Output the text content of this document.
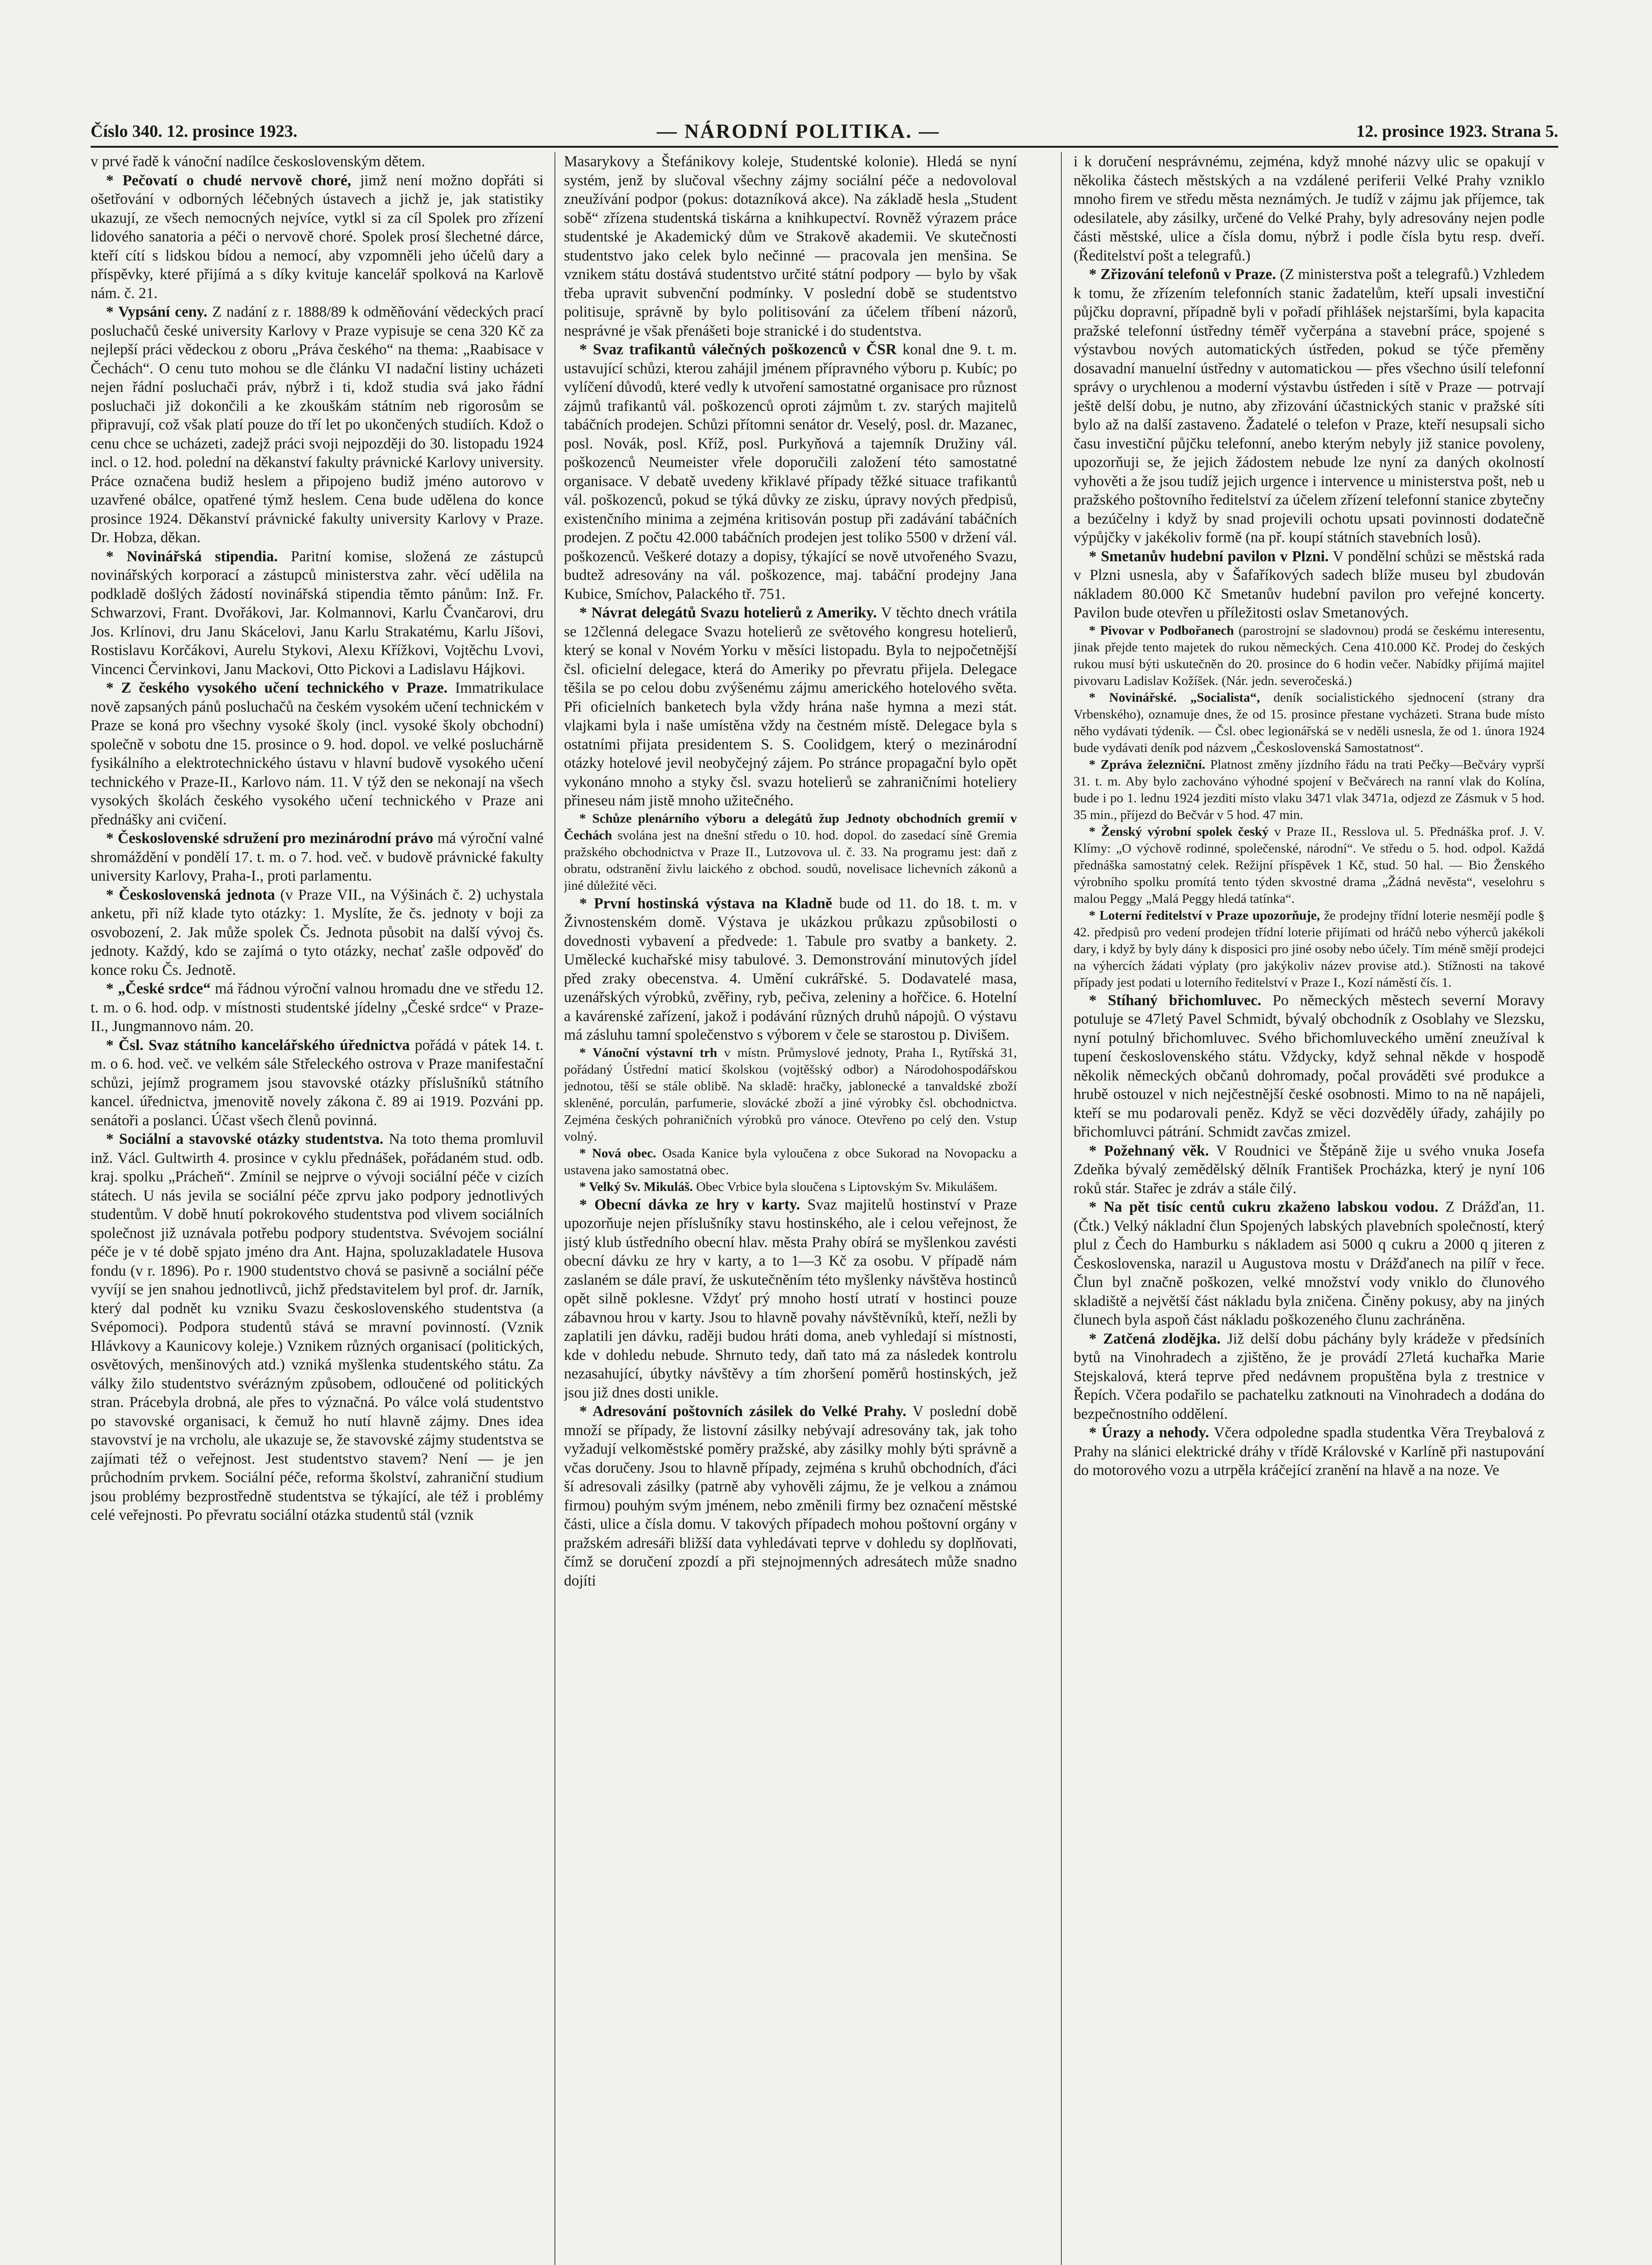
Číslo 340. 12. prosince 1923.	— NÁRODNÍ POLITIKA. —	12. prosince 1923. Strana 5.

v prvé řadě k vánoční nadílce československým dětem.

* Pečovatí o chudé nervově choré, jimž není možno dopřáti si ošetřování v odborných léčebných ústavech a jichž je, jak statistiky ukazují, ze všech nemocných nejvíce, vytkl si za cíl Spolek pro zřízení lidového sanatoria a péči o nervově choré. Spolek prosí šlechetné dárce, kteří cítí s lidskou bídou a nemocí, aby vzpomněli jeho účelů dary a příspěvky, které přijímá a s díky kvituje kancelář spolková na Karlově nám. č. 21.

* Vypsání ceny. Z nadání z r. 1888/89 k odměňování vědeckých prací posluchačů české university Karlovy v Praze vypisuje se cena 320 Kč za nejlepší práci vědeckou z oboru „Práva českého“ na thema: „Raabisace v Čechách“. O cenu tuto mohou se dle článku VI nadační listiny ucházeti nejen řádní posluchači práv, nýbrž i ti, kdož studia svá jako řádní posluchači již dokončili a ke zkouškám státním neb rigorosům se připravují, což však platí pouze do tří let po ukončených studiích. Kdož o cenu chce se ucházeti, zadejž práci svoji nejpozději do 30. listopadu 1924 incl. o 12. hod. polední na děkanství fakulty právnické Karlovy university. Práce označena budiž heslem a připojeno budiž jméno autorovo v uzavřené obálce, opatřené týmž heslem. Cena bude udělena do konce prosince 1924. Děkanství právnické fakulty university Karlovy v Praze. Dr. Hobza, děkan.

* Novinářská stipendia. Paritní komise, složená ze zástupců novinářských korporací a zástupců ministerstva zahr. věcí udělila na podkladě došlých žádostí novinářská stipendia těmto pánům: Inž. Fr. Schwarzovi, Frant. Dvořákovi, Jar. Kolmannovi, Karlu Čvančarovi, dru Jos. Krlínovi, dru Janu Skácelovi, Janu Karlu Strakatému, Karlu Jíšovi, Rostislavu Korčákovi, Aurelu Stykovi, Alexu Křížkovi, Vojtěchu Lvovi, Vincenci Červinkovi, Janu Mackovi, Otto Pickovi a Ladislavu Hájkovi.

* Z českého vysokého učení technického v Praze. Immatrikulace nově zapsaných pánů posluchačů na českém vysokém učení technickém v Praze se koná pro všechny vysoké školy (incl. vysoké školy obchodní) společně v sobotu dne 15. prosince o 9. hod. dopol. ve velké posluchárně fysikálního a elektrotechnického ústavu v hlavní budově vysokého učení technického v Praze-II., Karlovo nám. 11. V týž den se nekonají na všech vysokých školách českého vysokého učení technického v Praze ani přednášky ani cvičení.

* Československé sdružení pro mezinárodní právo má výroční valné shromáždění v pondělí 17. t. m. o 7. hod. več. v budově právnické fakulty university Karlovy, Praha-I., proti parlamentu.

* Československá jednota (v Praze VII., na Výšinách č. 2) uchystala anketu, při níž klade tyto otázky: 1. Myslíte, že čs. jednoty v boji za osvobození, 2. Jak může spolek Čs. Jednota působit na další vývoj čs. jednoty. Každý, kdo se zajímá o tyto otázky, nechať zašle odpověď do konce roku Čs. Jednotě.

* „České srdce“ má řádnou výroční valnou hromadu dne ve středu 12. t. m. o 6. hod. odp. v místnosti studentské jídelny „České srdce“ v Praze-II., Jungmannovo nám. 20.

* Čsl. Svaz státního kancelářského úřednictva pořádá v pátek 14. t. m. o 6. hod. več. ve velkém sále Střeleckého ostrova v Praze manifestační schůzi, jejímž programem jsou stavovské otázky příslušníků státního kancel. úřednictva, jmenovitě novely zákona č. 89 ai 1919. Pozváni pp. senátoři a poslanci. Účast všech členů povinná.

* Sociální a stavovské otázky studentstva. Na toto thema promluvil inž. Václ. Gultwirth 4. prosince v cyklu přednášek, pořádaném stud. odb. kraj. spolku „Prácheň“. Zmínil se nejprve o vývoji sociální péče v cizích státech. U nás jevila se sociální péče zprvu jako podpory jednotlivých studentům. V době hnutí pokrokového studentstva pod vlivem sociálních společnost již uznávala potřebu podpory studentstva. Svévojem sociální péče je v té době spjato jméno dra Ant. Hajna, spoluzakladatele Husova fondu (v r. 1896). Po r. 1900 studentstvo chová se pasivně a sociální péče vyvíjí se jen snahou jednotlivců, jichž představitelem byl prof. dr. Jarník, který dal podnět ku vzniku Svazu československého studentstva (a Svépomoci). Podpora studentů stává se mravní povinností. (Vznik Hlávkovy a Kaunicovy koleje.) Vznikem různých organisací (politických, osvětových, menšinových atd.) vzniká myšlenka studentského státu. Za války žilo studentstvo svérázným způsobem, odloučené od politických stran. Prácebyla drobná, ale přes to význačná. Po válce volá studentstvo po stavovské organisaci, k čemuž ho nutí hlavně zájmy. Dnes idea stavovství je na vrcholu, ale ukazuje se, že stavovské zájmy studentstva se zajímati též o veřejnost. Jest studentstvo stavem? Není — je jen průchodním prvkem. Sociální péče, reforma školství, zahraniční studium jsou problémy bezprostředně studentstva se týkající, ale též i problémy celé veřejnosti. Po převratu sociální otázka studentů stál (vznik

Masarykovy a Štefánikovy koleje, Studentské kolonie). Hledá se nyní systém, jenž by slučoval všechny zájmy sociální péče a nedovoloval zneužívání podpor (pokus: dotazníková akce). Na základě hesla „Student sobě“ zřízena studentská tiskárna a knihkupectví. Rovněž výrazem práce studentské je Akademický dům ve Strakově akademii. Ve skutečnosti studentstvo jako celek bylo nečinné — pracovala jen menšina. Se vznikem státu dostává studentstvo určité státní podpory — bylo by však třeba upravit subvenční podmínky. V poslední době se studentstvo politisuje, správně by bylo politisování za účelem tříbení názorů, nesprávné je však přenášeti boje stranické i do studentstva.

* Svaz trafikantů válečných poškozenců v ČSR konal dne 9. t. m. ustavující schůzi, kterou zahájil jménem přípravného výboru p. Kubíc; po vylíčení důvodů, které vedly k utvoření samostatné organisace pro různost zájmů trafikantů vál. poškozenců oproti zájmům t. zv. starých majitelů tabáčních prodejen. Schůzi přítomni senátor dr. Veselý, posl. dr. Mazanec, posl. Novák, posl. Kříž, posl. Purkyňová a tajemník Družiny vál. poškozenců Neumeister vřele doporučili založení této samostatné organisace. V debatě uvedeny křiklavé případy těžké situace trafikantů vál. poškozenců, pokud se týká důvky ze zisku, úpravy nových předpisů, existenčního minima a zejména kritisován postup při zadávání tabáčních prodejen. Z počtu 42.000 tabáčních prodejen jest toliko 5500 v držení vál. poškozenců. Veškeré dotazy a dopisy, týkající se nově utvořeného Svazu, budtež adresovány na vál. poškozence, maj. tabáční prodejny Jana Kubice, Smíchov, Palackého tř. 751.

* Návrat delegátů Svazu hotelierů z Ameriky. V těchto dnech vrátila se 12členná delegace Svazu hotelierů ze světového kongresu hotelierů, který se konal v Novém Yorku v měsíci listopadu. Byla to nejpočetnější čsl. oficielní delegace, která do Ameriky po převratu přijela. Delegace těšila se po celou dobu zvýšenému zájmu amerického hotelového světa. Při oficielních banketech byla vždy hrána naše hymna a mezi stát. vlajkami byla i naše umístěna vždy na čestném místě. Delegace byla s ostatními přijata presidentem S. S. Coolidgem, který o mezinárodní otázky hotelové jevil neobyčejný zájem. Po stránce propagační bylo opět vykonáno mnoho a styky čsl. svazu hotelierů se zahraničními hoteliery přineseu nám jistě mnoho užitečného.

* Schůze plenárního výboru a delegátů žup Jednoty obchodních gremií v Čechách svolána jest na dnešní středu o 10. hod. dopol. do zasedací síně Gremia pražského obchodnictva v Praze II., Lutzovova ul. č. 33. Na programu jest: daň z obratu, odstranění živlu laického z obchod. soudů, novelisace lichevních zákonů a jiné důležité věci.

* První hostinská výstava na Kladně bude od 11. do 18. t. m. v Živnostenském domě. Výstava je ukázkou průkazu způsobilosti o dovednosti vybavení a předvede: 1. Tabule pro svatby a bankety. 2. Umělecké kuchařské misy tabulové. 3. Demonstrování minutových jídel před zraky obecenstva. 4. Umění cukrářské. 5. Dodavatelé masa, uzenářských výrobků, zvěřiny, ryb, pečiva, zeleniny a hořčice. 6. Hotelní a kavárenské zařízení, jakož i podávání různých druhů nápojů. O výstavu má zásluhu tamní společenstvo s výborem v čele se starostou p. Divišem.

* Vánoční výstavní trh v místn. Průmyslové jednoty, Praha I., Rytířská 31, pořádaný Ústřední maticí školskou (vojtěšský odbor) a Národohospodářskou jednotou, těší se stále oblibě. Na skladě: hračky, jablonecké a tanvaldské zboží skleněné, porculán, parfumerie, slovácké zboží a jiné výrobky čsl. obchodnictva. Zejména českých pohraničních výrobků pro vánoce. Otevřeno po celý den. Vstup volný.

* Nová obec. Osada Kanice byla vyloučena z obce Sukorad na Novopacku a ustavena jako samostatná obec.

* Velký Sv. Mikuláš. Obec Vrbice byla sloučena s Liptovským Sv. Mikulášem.

* Obecní dávka ze hry v karty. Svaz majitelů hostinství v Praze upozorňuje nejen příslušníky stavu hostinského, ale i celou veřejnost, že jistý klub ústředního obecní hlav. města Prahy obírá se myšlenkou zavésti obecní dávku ze hry v karty, a to 1—3 Kč za osobu. V případě nám zaslaném se dále praví, že uskutečněním této myšlenky návštěva hostinců opět silně poklesne. Vždyť prý mnoho hostí utratí v hostinci pouze zábavnou hrou v karty. Jsou to hlavně povahy návštěvníků, kteří, nežli by zaplatili jen dávku, raději budou hráti doma, aneb vyhledají si místnosti, kde v dohledu nebude. Shrnuto tedy, daň tato má za následek kontrolu nezasahující, úbytky návštěvy a tím zhoršení poměrů hostinských, jež jsou již dnes dosti unikle.

* Adresování poštovních zásilek do Velké Prahy. V poslední době množí se případy, že listovní zásilky nebývají adresovány tak, jak toho vyžadují velkoměstské poměry pražské, aby zásilky mohly býti správně a včas doručeny. Jsou to hlavně případy, zejména s kruhů obchodních, ďáci ší adresovali zásilky (patrně aby vyhověli zájmu, že je velkou a známou firmou) pouhým svým jménem, nebo změnili firmy bez označení městské části, ulice a čísla domu. V takových případech mohou poštovní orgány v pražském adresáři bližší data vyhledávati teprve v dohledu sy doplňovati, čímž se doručení zpozdí a při stejnojmenných adresátech může snadno dojíti

i k doručení nesprávnému, zejména, když mnohé názvy ulic se opakují v několika částech městských a na vzdálené periferii Velké Prahy vzniklo mnoho firem ve středu města neznámých. Je tudíž v zájmu jak příjemce, tak odesilatele, aby zásilky, určené do Velké Prahy, byly adresovány nejen podle části městské, ulice a čísla domu, nýbrž i podle čísla bytu resp. dveří. (Ředitelství pošt a telegrafů.)

* Zřizování telefonů v Praze. (Z ministerstva pošt a telegrafů.) Vzhledem k tomu, že zřízením telefonních stanic žadatelům, kteří upsali investiční půjčku dopravní, případně byli v pořadí přihlášek nejstaršími, byla kapacita pražské telefonní ústředny téměř vyčerpána a stavební práce, spojené s výstavbou nových automatických ústředen, pokud se týče přeměny dosavadní manuelní ústředny v automatickou — přes všechno úsilí telefonní správy o urychlenou a moderní výstavbu ústředen i sítě v Praze — potrvají ještě delší dobu, je nutno, aby zřizování účastnických stanic v pražské síti bylo až na další zastaveno. Žadatelé o telefon v Praze, kteří nesupsali sicho času investiční půjčku telefonní, anebo kterým nebyly již stanice povoleny, upozorňuji se, že jejich žádostem nebude lze nyní za daných okolností vyhověti a že jsou tudíž jejich urgence i intervence u ministerstva pošt, neb u pražského poštovního ředitelství za účelem zřízení telefonní stanice zbytečny a bezúčelny i když by snad projevili ochotu upsati povinnosti dodatečně výpůjčky v jakékoliv formě (na př. koupí státních stavebních losů).

* Smetanův hudební pavilon v Plzni. V pondělní schůzi se městská rada v Plzni usnesla, aby v Šafaříkových sadech blíže museu byl zbudován nákladem 80.000 Kč Smetanův hudební pavilon pro veřejné koncerty. Pavilon bude otevřen u příležitosti oslav Smetanových.

* Pivovar v Podbořanech (parostrojní se sladovnou) prodá se českému interesentu, jinak přejde tento majetek do rukou německých. Cena 410.000 Kč. Prodej do českých rukou musí býti uskutečněn do 20. prosince do 6 hodin večer. Nabídky přijímá majitel pivovaru Ladislav Kožíšek. (Nár. jedn. severočeská.)

* Novinářské. „Socialista“, deník socialistického sjednocení (strany dra Vrbenského), oznamuje dnes, že od 15. prosince přestane vycházeti. Strana bude místo něho vydávati týdeník. — Čsl. obec legionářská se v neděli usnesla, že od 1. února 1924 bude vydávati deník pod názvem „Československá Samostatnost“.

* Zpráva železniční. Platnost změny jízdního řádu na trati Pečky—Bečváry vyprší 31. t. m. Aby bylo zachováno výhodné spojení v Bečvárech na ranní vlak do Kolína, bude i po 1. lednu 1924 jezditi místo vlaku 3471 vlak 3471a, odjezd ze Zásmuk v 5 hod. 35 min., příjezd do Bečvár v 5 hod. 47 min.

* Ženský výrobní spolek český v Praze II., Resslova ul. 5. Přednáška prof. J. V. Klímy: „O výchově rodinné, společenské, národní“. Ve středu o 5. hod. odpol. Každá přednáška samostatný celek. Režijní příspěvek 1 Kč, stud. 50 hal. — Bio Ženského výrobního spolku promítá tento týden skvostné drama „Žádná nevěsta“, veselohru s malou Peggy „Malá Peggy hledá tatínka“.

* Loterní ředitelství v Praze upozorňuje, že prodejny třídní loterie nesmějí podle § 42. předpisů pro vedení prodejen třídní loterie přijímati od hráčů nebo výherců jakékoli dary, i když by byly dány k disposici pro jiné osoby nebo účely. Tím méně smějí prodejci na výhercích žádati výplaty (pro jakýkoliv název provise atd.). Stížnosti na takové případy jest podati u loterního ředitelství v Praze I., Kozí náměstí čís. 1.

* Stíhaný břichomluvec. Po německých městech severní Moravy potuluje se 47letý Pavel Schmidt, bývalý obchodník z Osoblahy ve Slezsku, nyní potulný břichomluvec. Svého břichomluveckého umění zneužíval k tupení československého státu. Vždycky, když sehnal někde v hospodě několik německých občanů dohromady, počal prováděti své produkce a hrubě ostouzel v nich nejčestnější české osobnosti. Mimo to na ně napájeli, kteří se mu podarovali peněz. Když se věci dozvěděly úřady, zahájily po břichomluvci pátrání. Schmidt zavčas zmizel.

* Požehnaný věk. V Roudnici ve Štěpáně žije u svého vnuka Josefa Zdeňka bývalý zemědělský dělník František Procházka, který je nyní 106 roků stár. Stařec je zdráv a stále čilý.

* Na pět tisíc centů cukru zkaženo labskou vodou. Z Drážďan, 11. (Čtk.) Velký nákladní člun Spojených labských plavebních společností, který plul z Čech do Hamburku s nákladem asi 5000 q cukru a 2000 q jiteren z Československa, narazil u Augustova mostu v Drážďanech na pilíř v řece. Člun byl značně poškozen, velké množství vody vniklo do člunového skladiště a největší část nákladu byla zničena. Činěny pokusy, aby na jiných člunech byla aspoň část nákladu poškozeného člunu zachráněna.

* Zatčená zlodějka. Již delší dobu páchány byly krádeže v předsíních bytů na Vinohradech a zjištěno, že je provádí 27letá kuchařka Marie Stejskalová, která teprve před nedávnem propuštěna byla z trestnice v Řepích. Včera podařilo se pachatelku zatknouti na Vinohradech a dodána do bezpečnostního oddělení.

* Úrazy a nehody. Včera odpoledne spadla studentka Věra Treybalová z Prahy na slánici elektrické dráhy v třídě Královské v Karlíně při nastupování do motorového vozu a utrpěla kráčející zranění na hlavě a na noze. Ve
